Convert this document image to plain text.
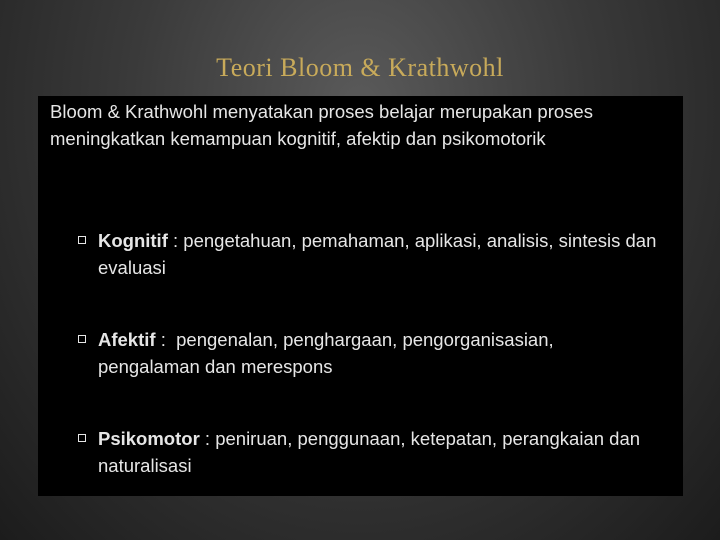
Teori Bloom & Krathwohl
Bloom & Krathwohl menyatakan proses belajar merupakan proses meningkatkan kemampuan kognitif, afektip dan psikomotorik
Kognitif : pengetahuan, pemahaman, aplikasi, analisis, sintesis dan evaluasi
Afektif :  pengenalan, penghargaan, pengorganisasian, pengalaman dan merespons
Psikomotor : peniruan, penggunaan, ketepatan, perangkaian dan naturalisasi
